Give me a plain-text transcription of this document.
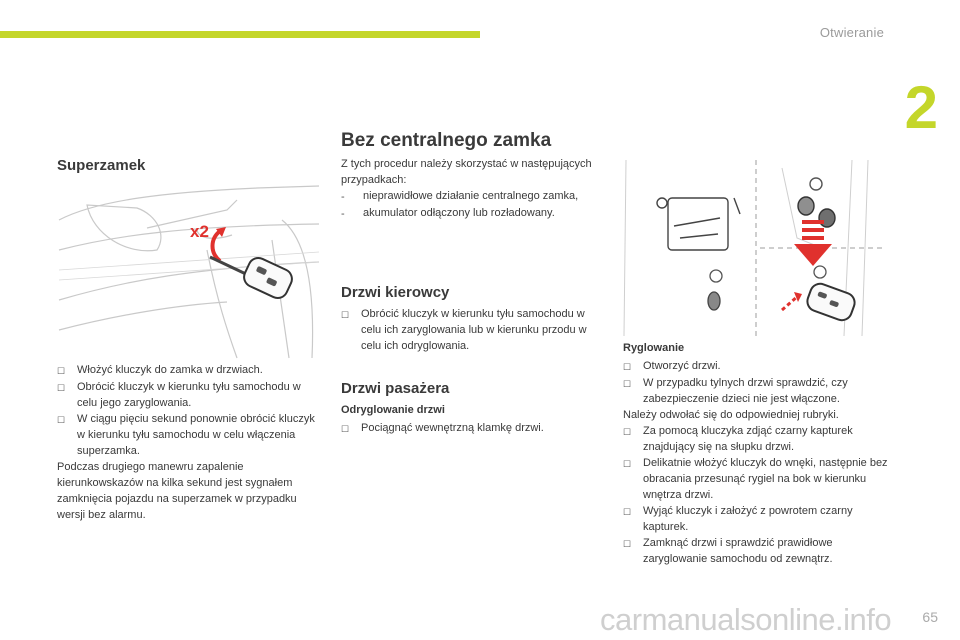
Otwieranie
2
Superzamek
x2
☐	Włożyć kluczyk do zamka w drzwiach.
☐	Obrócić kluczyk w kierunku tyłu samochodu w celu jego zaryglowania.
☐	W ciągu pięciu sekund ponownie obrócić kluczyk w kierunku tyłu samochodu w celu włączenia superzamka.
Podczas drugiego manewru zapalenie kierunkowskazów na kilka sekund jest sygnałem zamknięcia pojazdu na superzamek w przypadku wersji bez alarmu.
Bez centralnego zamka
Z tych procedur należy skorzystać w następujących przypadkach:
-	nieprawidłowe działanie centralnego zamka,
-	akumulator odłączony lub rozładowany.
Drzwi kierowcy
☐	Obrócić kluczyk w kierunku tyłu samochodu w celu ich zaryglowania lub w kierunku przodu w celu ich odryglowania.
Drzwi pasażera
Odryglowanie drzwi
☐	Pociągnąć wewnętrzną klamkę drzwi.
Ryglowanie
☐	Otworzyć drzwi.
☐	W przypadku tylnych drzwi sprawdzić, czy zabezpieczenie dzieci nie jest włączone.
Należy odwołać się do odpowiedniej rubryki.
☐	Za pomocą kluczyka zdjąć czarny kapturek znajdujący się na słupku drzwi.
☐	Delikatnie włożyć kluczyk do wnęki, następnie bez obracania przesunąć rygiel na bok w kierunku wnętrza drzwi.
☐	Wyjąć kluczyk i założyć z powrotem czarny kapturek.
☐	Zamknąć drzwi i sprawdzić prawidłowe zaryglowanie samochodu od zewnątrz.
carmanualsonline.info 65
